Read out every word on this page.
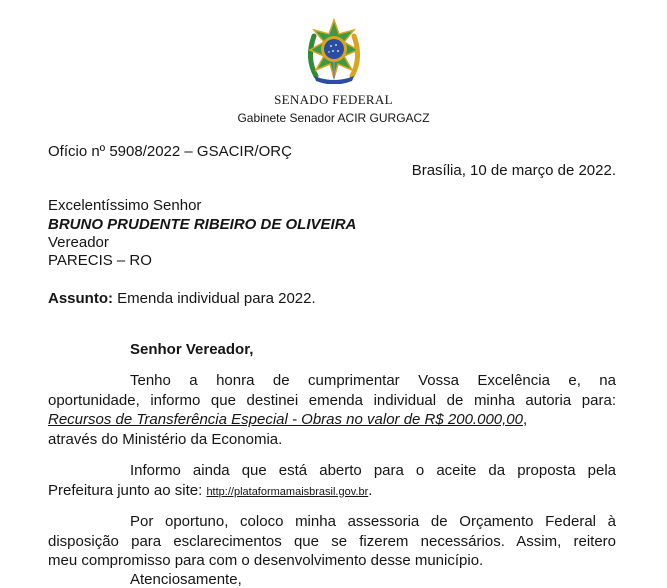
SENADO FEDERAL
Gabinete Senador ACIR GURGACZ
Ofício nº 5908/2022 – GSACIR/ORÇ
Brasília, 10 de março de 2022.
Excelentíssimo Senhor
BRUNO PRUDENTE RIBEIRO DE OLIVEIRA
Vereador
PARECIS – RO
Assunto: Emenda individual para 2022.
Senhor Vereador,
Tenho a honra de cumprimentar Vossa Excelência e, na
oportunidade, informo que destinei emenda individual de minha autoria para:
Recursos de Transferência Especial - Obras no valor de R$ 200.000,00,
através do Ministério da Economia.
Informo ainda que está aberto para o aceite da proposta pela
Prefeitura junto ao site: http://plataformamaisbrasil.gov.br.
Por oportuno, coloco minha assessoria de Orçamento Federal à
disposição para esclarecimentos que se fizerem necessários. Assim, reitero
meu compromisso para com o desenvolvimento desse município.
Atenciosamente,
